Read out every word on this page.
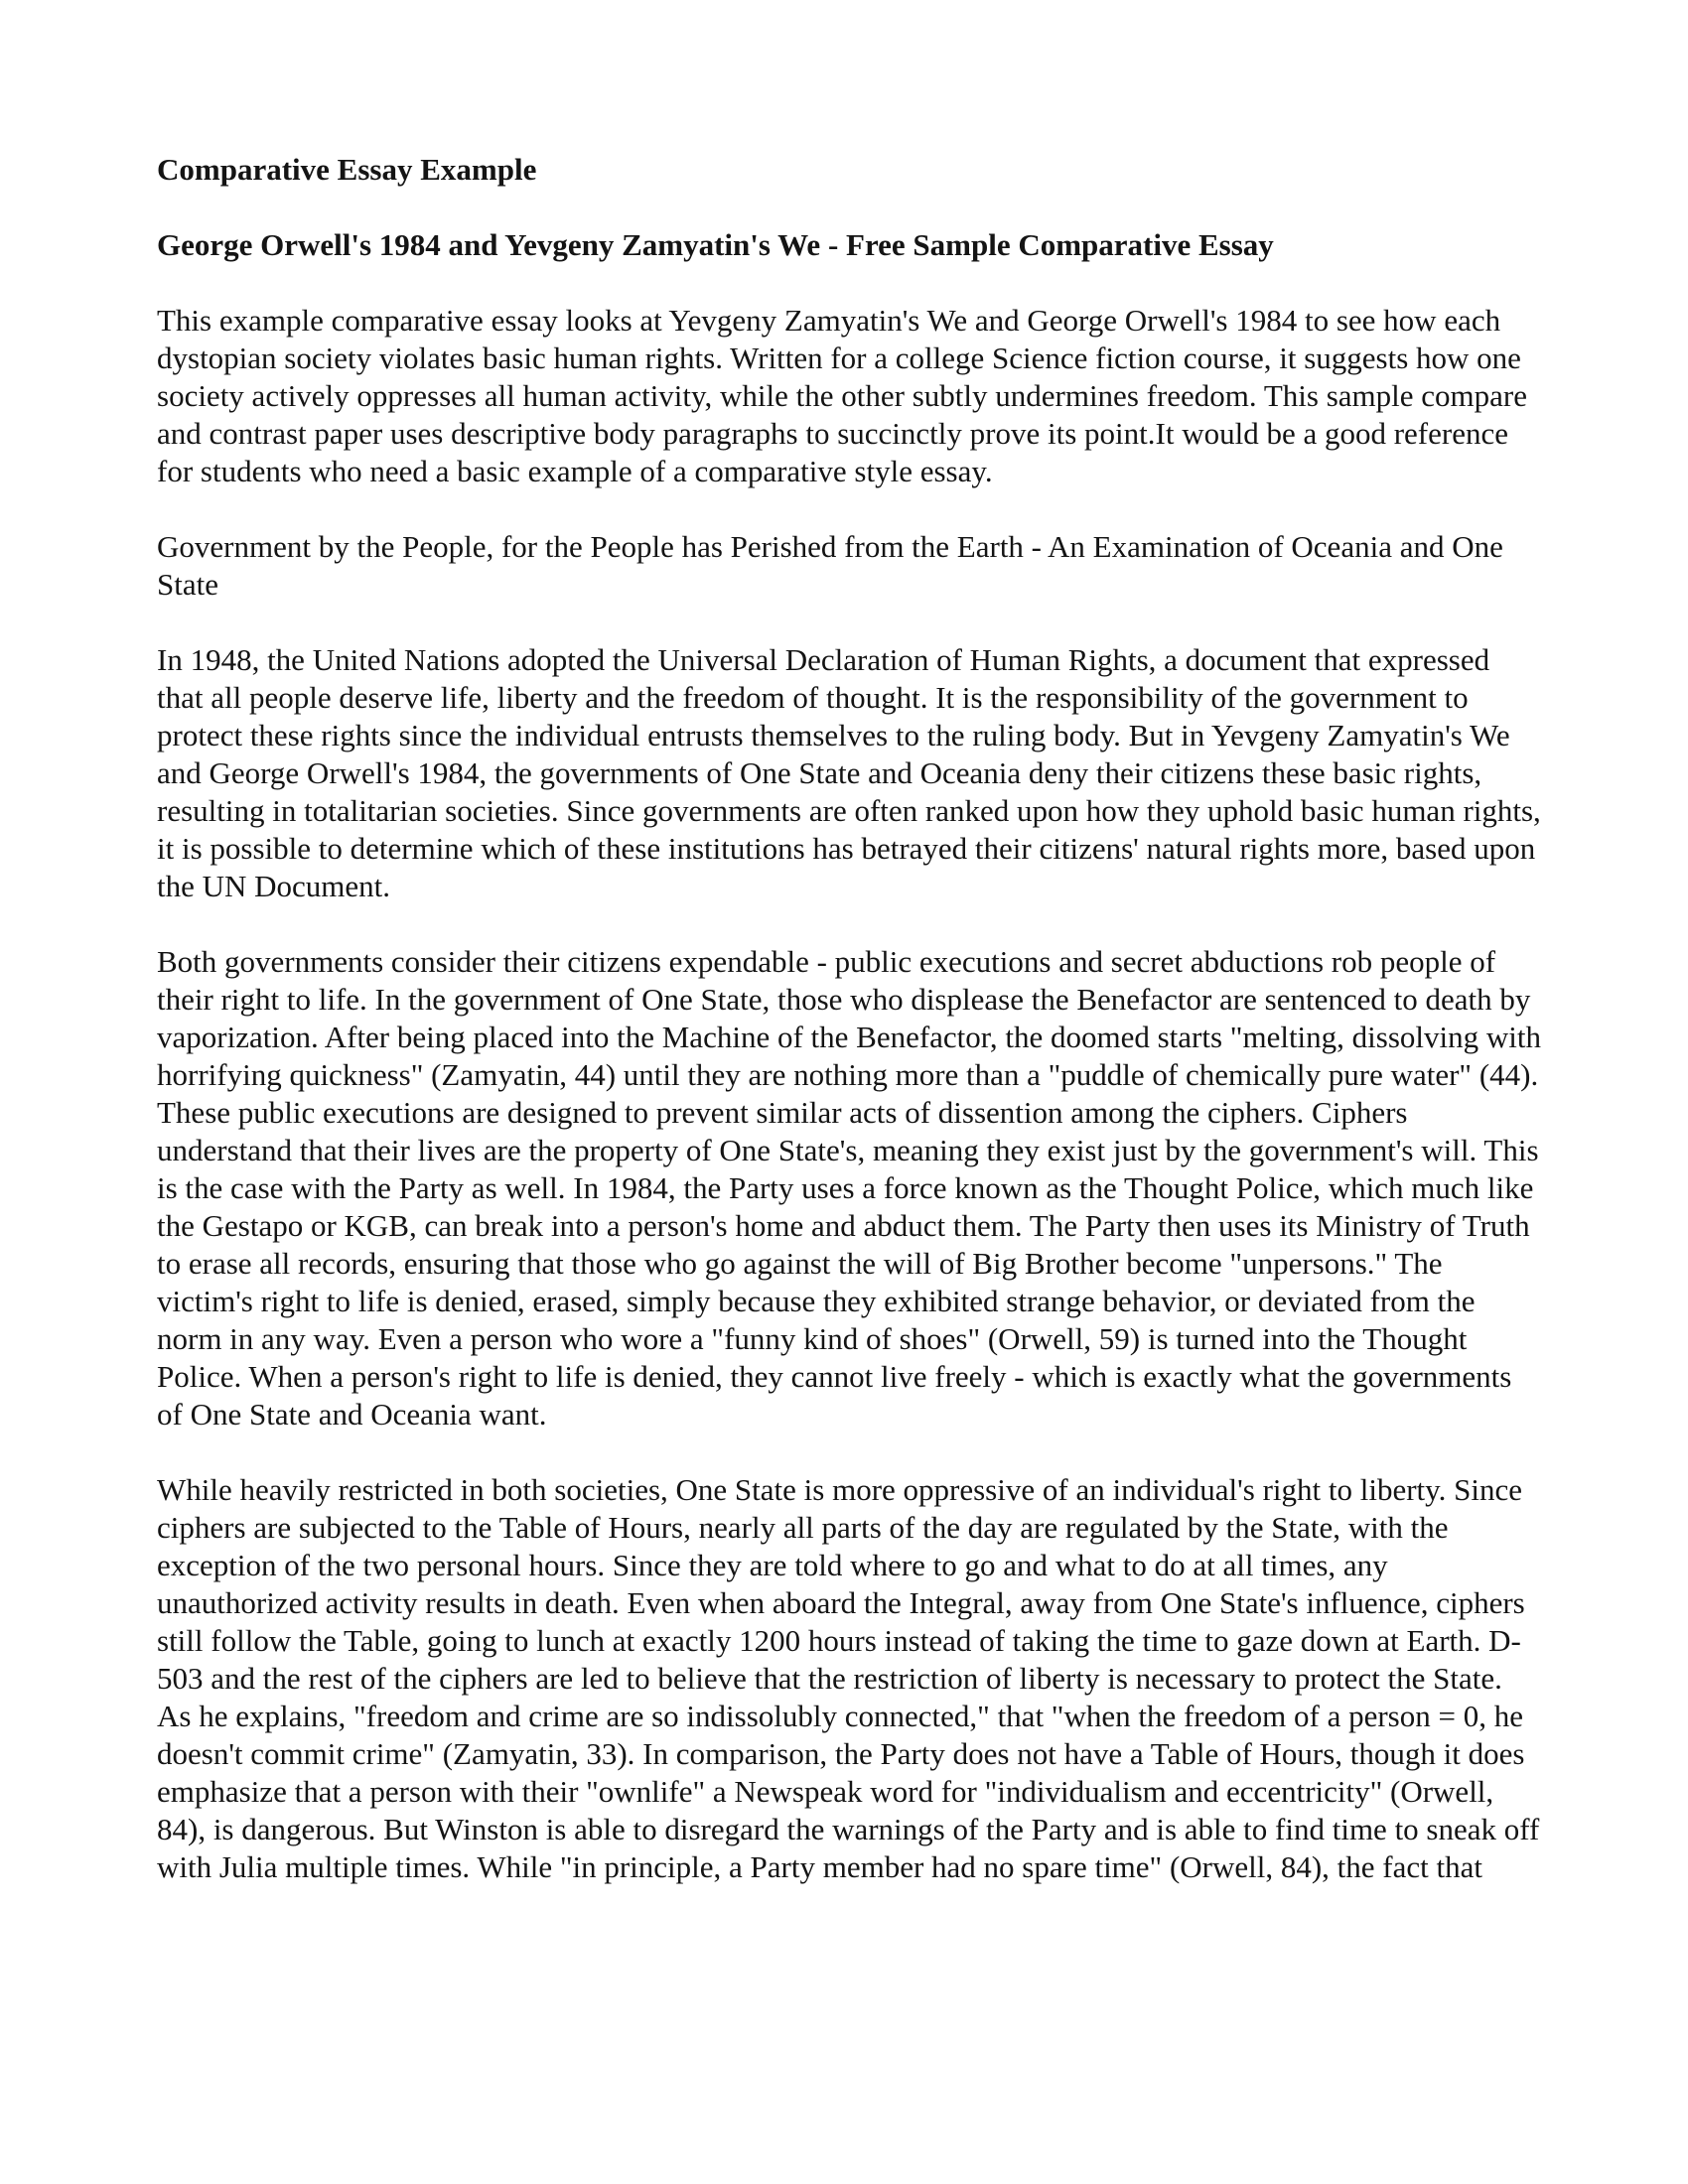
Comparative Essay Example

George Orwell's 1984 and Yevgeny Zamyatin's We - Free Sample Comparative Essay

This example comparative essay looks at Yevgeny Zamyatin's We and George Orwell's 1984 to see how each dystopian society violates basic human rights. Written for a college Science fiction course, it suggests how one society actively oppresses all human activity, while the other subtly undermines freedom. This sample compare and contrast paper uses descriptive body paragraphs to succinctly prove its point.It would be a good reference for students who need a basic example of a comparative style essay.

Government by the People, for the People has Perished from the Earth - An Examination of Oceania and One State

In 1948, the United Nations adopted the Universal Declaration of Human Rights, a document that expressed that all people deserve life, liberty and the freedom of thought. It is the responsibility of the government to protect these rights since the individual entrusts themselves to the ruling body. But in Yevgeny Zamyatin's We and George Orwell's 1984, the governments of One State and Oceania deny their citizens these basic rights, resulting in totalitarian societies. Since governments are often ranked upon how they uphold basic human rights, it is possible to determine which of these institutions has betrayed their citizens' natural rights more, based upon the UN Document.

Both governments consider their citizens expendable - public executions and secret abductions rob people of their right to life. In the government of One State, those who displease the Benefactor are sentenced to death by vaporization. After being placed into the Machine of the Benefactor, the doomed starts "melting, dissolving with horrifying quickness" (Zamyatin, 44) until they are nothing more than a "puddle of chemically pure water" (44). These public executions are designed to prevent similar acts of dissention among the ciphers. Ciphers understand that their lives are the property of One State's, meaning they exist just by the government's will. This is the case with the Party as well. In 1984, the Party uses a force known as the Thought Police, which much like the Gestapo or KGB, can break into a person's home and abduct them. The Party then uses its Ministry of Truth to erase all records, ensuring that those who go against the will of Big Brother become "unpersons." The victim's right to life is denied, erased, simply because they exhibited strange behavior, or deviated from the norm in any way. Even a person who wore a "funny kind of shoes" (Orwell, 59) is turned into the Thought Police. When a person's right to life is denied, they cannot live freely - which is exactly what the governments of One State and Oceania want.

While heavily restricted in both societies, One State is more oppressive of an individual's right to liberty. Since ciphers are subjected to the Table of Hours, nearly all parts of the day are regulated by the State, with the exception of the two personal hours. Since they are told where to go and what to do at all times, any unauthorized activity results in death. Even when aboard the Integral, away from One State's influence, ciphers still follow the Table, going to lunch at exactly 1200 hours instead of taking the time to gaze down at Earth. D-503 and the rest of the ciphers are led to believe that the restriction of liberty is necessary to protect the State. As he explains, "freedom and crime are so indissolubly connected," that "when the freedom of a person = 0, he doesn't commit crime" (Zamyatin, 33). In comparison, the Party does not have a Table of Hours, though it does emphasize that a person with their "ownlife" a Newspeak word for "individualism and eccentricity" (Orwell, 84), is dangerous. But Winston is able to disregard the warnings of the Party and is able to find time to sneak off with Julia multiple times. While "in principle, a Party member had no spare time" (Orwell, 84), the fact that
